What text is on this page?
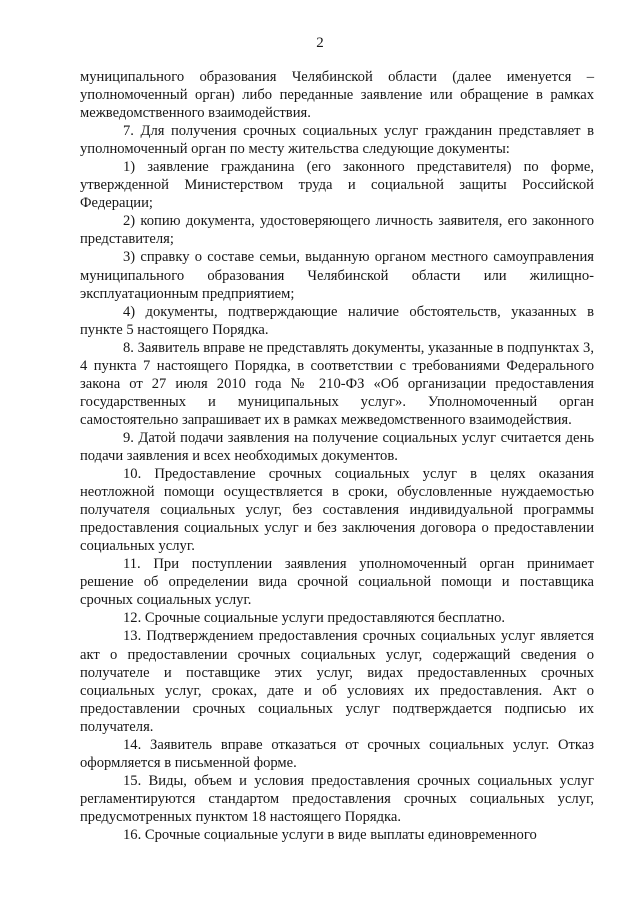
2

муниципального образования Челябинской области (далее именуется – уполномоченный орган) либо переданные заявление или обращение в рамках межведомственного взаимодействия.

7. Для получения срочных социальных услуг гражданин представляет в уполномоченный орган по месту жительства следующие документы:

1) заявление гражданина (его законного представителя) по форме, утвержденной Министерством труда и социальной защиты Российской Федерации;

2) копию документа, удостоверяющего личность заявителя, его законного представителя;

3) справку о составе семьи, выданную органом местного самоуправления муниципального образования Челябинской области или жилищно-эксплуатационным предприятием;

4) документы, подтверждающие наличие обстоятельств, указанных в пункте 5 настоящего Порядка.

8. Заявитель вправе не представлять документы, указанные в подпунктах 3, 4 пункта 7 настоящего Порядка, в соответствии с требованиями Федерального закона от 27 июля 2010 года № 210-ФЗ «Об организации предоставления государственных и муниципальных услуг». Уполномоченный орган самостоятельно запрашивает их в рамках межведомственного взаимодействия.

9. Датой подачи заявления на получение социальных услуг считается день подачи заявления и всех необходимых документов.

10. Предоставление срочных социальных услуг в целях оказания неотложной помощи осуществляется в сроки, обусловленные нуждаемостью получателя социальных услуг, без составления индивидуальной программы предоставления социальных услуг и без заключения договора о предоставлении социальных услуг.

11. При поступлении заявления уполномоченный орган принимает решение об определении вида срочной социальной помощи и поставщика срочных социальных услуг.

12. Срочные социальные услуги предоставляются бесплатно.

13. Подтверждением предоставления срочных социальных услуг является акт о предоставлении срочных социальных услуг, содержащий сведения о получателе и поставщике этих услуг, видах предоставленных срочных социальных услуг, сроках, дате и об условиях их предоставления. Акт о предоставлении срочных социальных услуг подтверждается подписью их получателя.

14. Заявитель вправе отказаться от срочных социальных услуг. Отказ оформляется в письменной форме.

15. Виды, объем и условия предоставления срочных социальных услуг регламентируются стандартом предоставления срочных социальных услуг, предусмотренных пунктом 18 настоящего Порядка.

16. Срочные социальные услуги в виде выплаты единовременного
